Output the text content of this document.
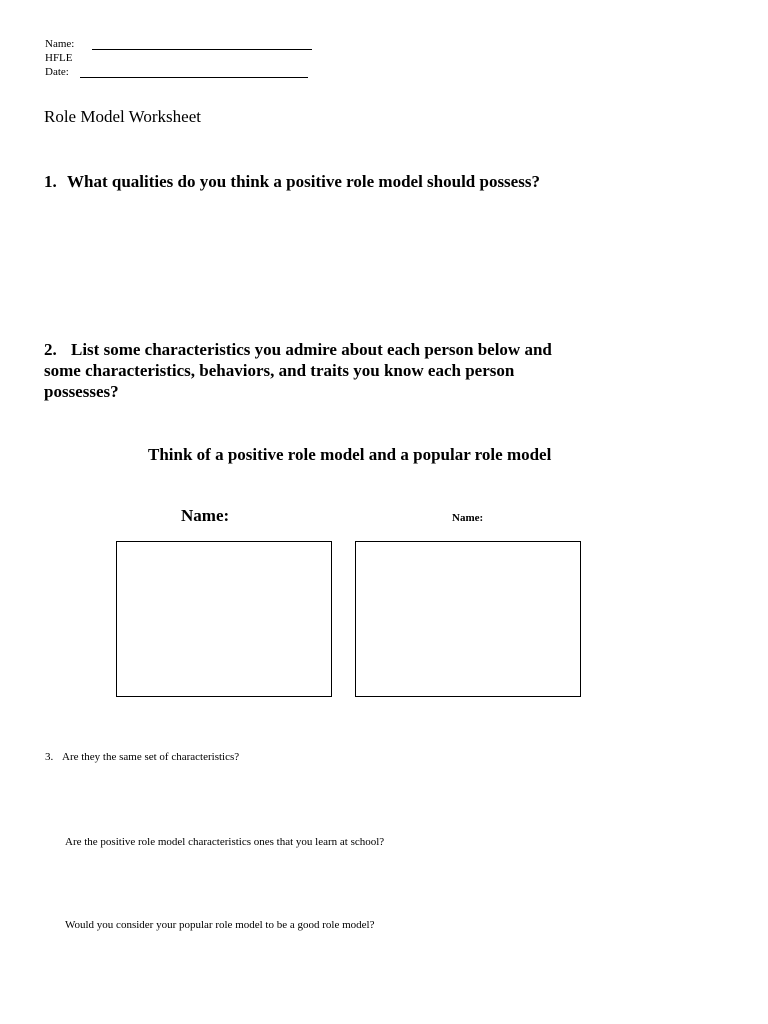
Name:
HFLE
Date:
Role Model Worksheet
1. What qualities do you think a positive role model should possess?
2. List some characteristics you admire about each person below and
some characteristics, behaviors, and traits you know each person
possesses?
Think of a positive role model and a popular role model
Name:	Name:
3. Are they the same set of characteristics?
Are the positive role model characteristics ones that you learn at school?
Would you consider your popular role model to be a good role model?
